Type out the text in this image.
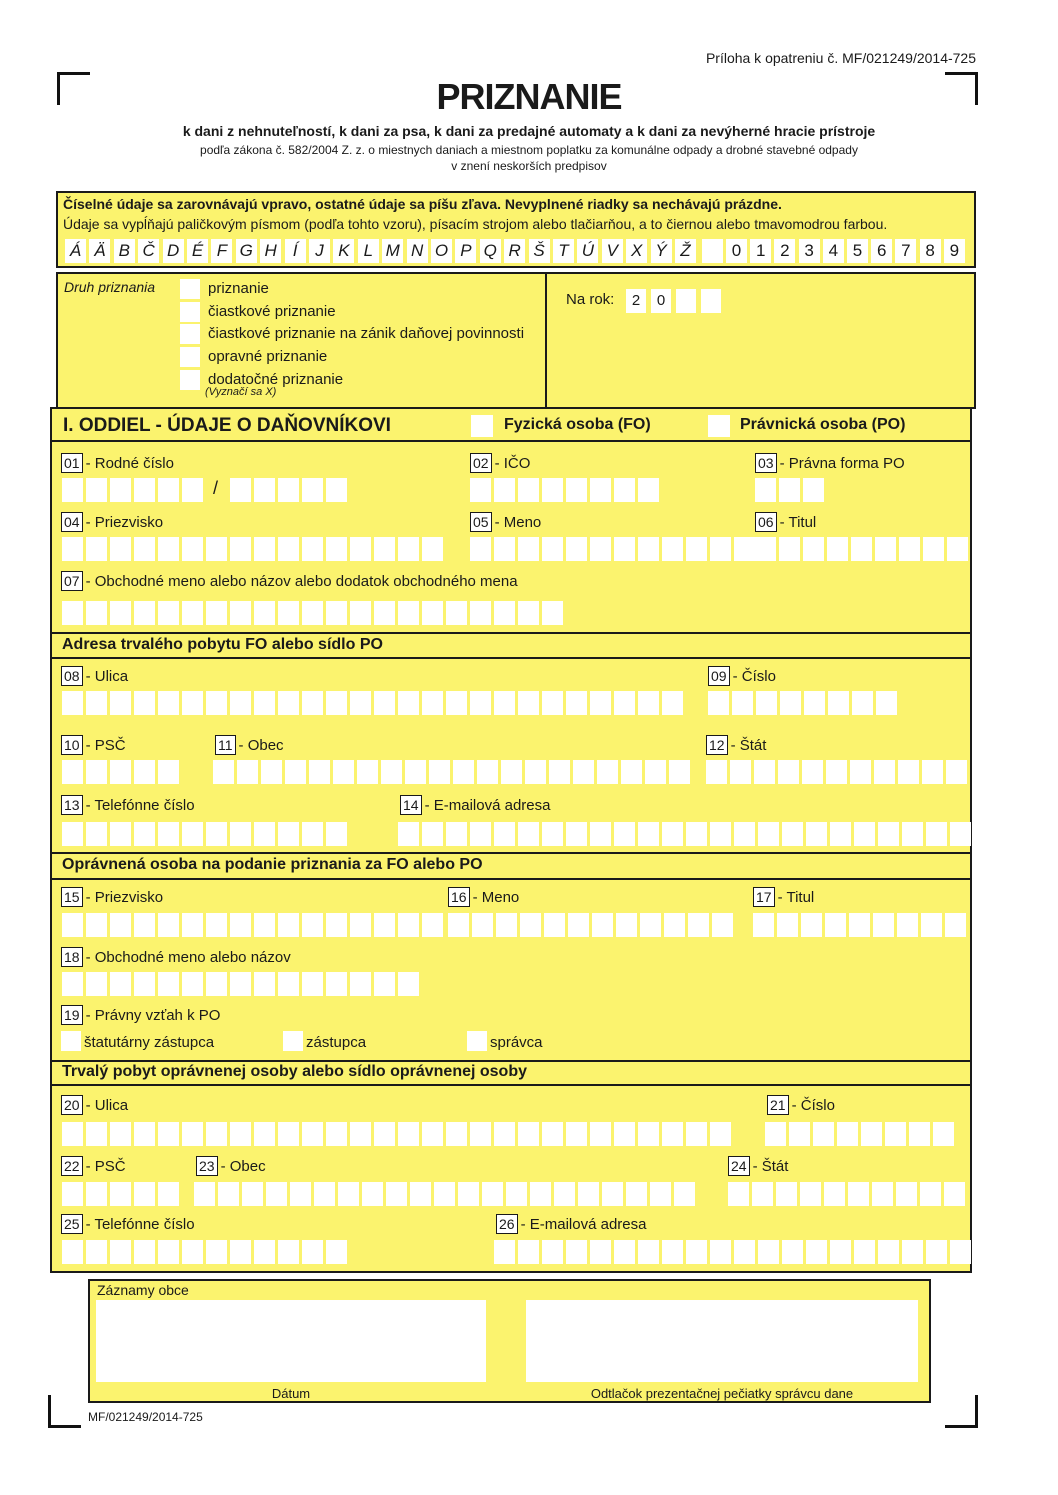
Príloha k opatreniu č. MF/021249/2014-725
PRIZNANIE
k dani z nehnuteľností, k dani za psa, k dani za predajné automaty a k dani za nevýherné hracie prístroje
podľa zákona č. 582/2004 Z. z. o miestnych daniach a miestnom poplatku za komunálne odpady a drobné stavebné odpady
v znení neskorších predpisov
Číselné údaje sa zarovnávajú vpravo, ostatné údaje sa píšu zľava. Nevyplnené riadky sa nechávajú prázdne.
Údaje sa vypĺňajú paličkovým písmom (podľa tohto vzoru), písacím strojom alebo tlačiarňou, a to čiernou alebo tmavomodrou farbou.
Á Ä B Č D É F G H Í	J K L M N O P Q R Š T Ú V X Ý Ž	0 1 2 3 4 5 6 7 8 9
Druh priznania	priznanie
čiastkové priznanie
čiastkové priznanie na zánik daňovej povinnosti
opravné priznanie
dodatočné priznanie
(Vyznačí sa X)
Na rok:	2	0
I. ODDIEL - ÚDAJE O DAŇOVNÍKOVI	Fyzická osoba (FO)	Právnická osoba (PO)
01 - Rodné číslo	02 - IČO	03 - Právna forma PO
04 - Priezvisko	05 - Meno	06 - Titul
07 - Obchodné meno alebo názov alebo dodatok obchodného mena
08 - Ulica	09 - Číslo
10 - PSČ	11 - Obec	12 - Štát
13 - Telefónne číslo	14 - E-mailová adresa
15 - Priezvisko	16 - Meno	17 - Titul
18 - Obchodné meno alebo názov
19 - Právny vzťah k PO
20 - Ulica	21 - Číslo
22 - PSČ	23 - Obec	24 - Štát
25 - Telefónne číslo	26 - E-mailová adresa
/
Adresa trvalého pobytu FO alebo sídlo PO
Oprávnená osoba na podanie priznania za FO alebo PO
Trvalý pobyt oprávnenej osoby alebo sídlo oprávnenej osoby
štatutárny zástupca	zástupca	správca
Záznamy obce
Dátum	Odtlačok prezentačnej pečiatky správcu dane
MF/021249/2014-725
